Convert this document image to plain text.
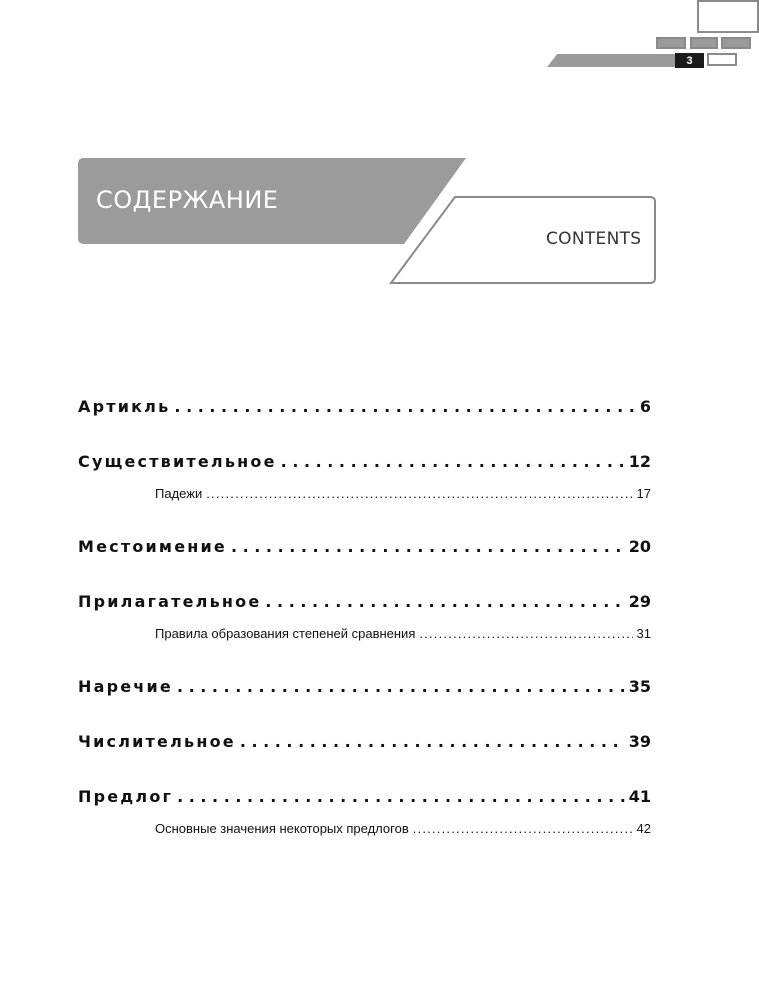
3
СОДЕРЖАНИЕ
CONTENTS
Артикль . . .	6
Существительное . . .	12
Падежи .....	17
Местоимение . . .	20
Прилагательное . . .	29
Правила образования степеней сравнения .....	31
Наречие . . .	35
Числительное . . .	39
Предлог . . .	41
Основные значения некоторых предлогов .....	42
